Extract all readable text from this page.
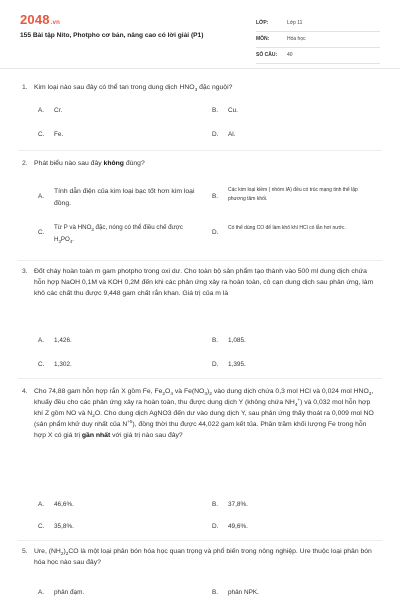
2048.vn
155 Bài tập Nito, Photpho cơ bản, nâng cao có lời giải (P1)
LỚP:	Lớp 11
MÔN:	Hóa học
SỐ CÂU: 40
1. Kim loại nào sau đây có thể tan trong dung dịch $HNO_3$ đặc nguội?
A. Cr.	B. Cu.
C. Fe.	D. Al.
2. Phát biểu nào sau đây không đúng?
A.
Tính dẫn điện của kim loại bạc tốt hơn kim loại đồng.
B.
Các kim loại kiềm ( nhóm IA) đều có trúc mạng tinh thể lập phương tâm khối.
C.
Từ P và $HNO_3$ đặc, nóng có thể điều chế được $H_3PO_4$.
D.
Có thể dùng CO để làm khô khí HCl có lẫn hơi nước.
3. Đốt cháy hoàn toàn m gam photpho trong oxi dư. Cho toàn bộ sản phẩm tạo thành vào 500 ml dung dịch chứa hỗn hợp NaOH 0,1M và KOH 0,2M đến khi các phản ứng xảy ra hoàn toàn, cô cạn dung dịch sau phản ứng, làm khô các chất thu được 9,448 gam chất rắn khan. Giá trị của m là
A. 1,426.	B. 1,085.
C. 1,302.	D. 1,395.
4. Cho 74,88 gam hỗn hợp rắn X gồm Fe, $Fe_2O_4$ và $Fe(NO_3)_2$ vào dung dịch chứa 0,3 mol HCl và 0,024 mol $HNO_3$, khuấy đều cho các phản ứng xảy ra hoàn toàn, thu được dung dịch Y (không chứa $NH_4^+$) và 0,032 mol hỗn hợp khí Z gồm NO và $N_2O$. Cho dung dịch AgNO3 đến dư vào dung dịch Y, sau phản ứng thấy thoát ra 0,009 mol NO (sản phẩm khử duy nhất của $N^{+5}$), đồng thời thu được 44,022 gam kết tủa. Phần trăm khối lượng Fe trong hỗn hợp X có giá trị gần nhất với giá trị nào sau đây?
A. 46,6%.	B. 37,8%.
C. 35,8%.	D. 49,6%.
5. Ure, $(NH_2)_2CO$ là một loại phân bón hóa học quan trọng và phổ biến trong nông nghiệp. Ure thuộc loại phân bón hóa học nào sau đây?
A. phân đạm.	B. phân NPK.
